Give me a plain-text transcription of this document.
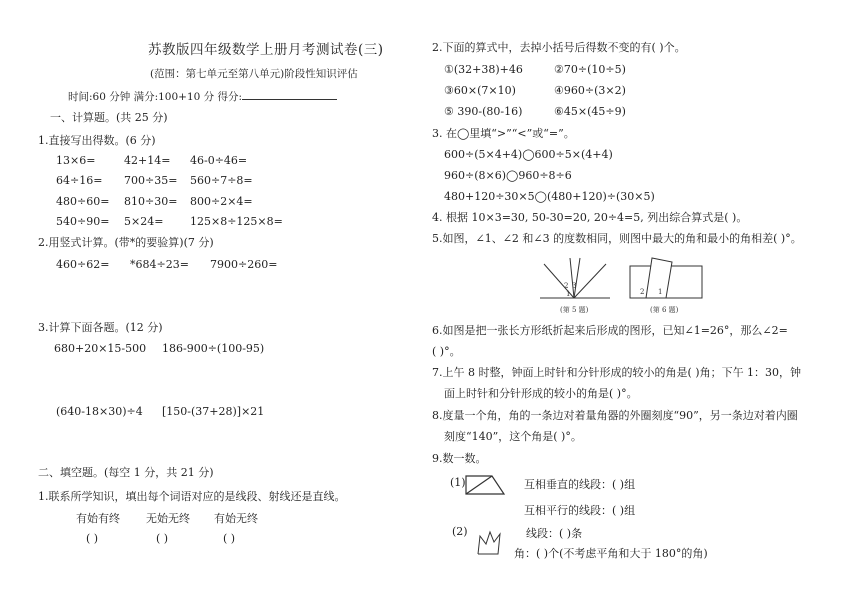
苏教版四年级数学上册月考测试卷(三)
(范围：第七单元至第八单元)阶段性知识评估
时间:60 分钟 满分:100+10 分 得分:
一、计算题。(共 25 分)
1.直接写出得数。(6 分)
13×6=	42+14= 46-0÷46=
64÷16= 700÷35= 560÷7÷8=
480÷60= 810÷30= 800÷2×4=
540÷90= 5×24= 125×8÷125×8=
2.用竖式计算。(带*的要验算)(7 分)
460÷62= *684÷23= 7900÷260=
3.计算下面各题。(12 分)
680+20×15-500 186-900÷(100-95)
(640-18×30)÷4 [150-(37+28)]×21
二、填空题。(每空 1 分，共 21 分)
1.联系所学知识，填出每个词语对应的是线段、射线还是直线。
有始有终 无始无终 有始无终
( )	( )	( )
2.下面的算式中，去掉小括号后得数不变的有( )个。
①(32+38)+46	②70÷(10÷5)
③60×(7×10)	④960÷(3×2)
⑤ 390-(80-16)	⑥45×(45÷9)
3. 在◯里填“>”“<”或“=”。
600÷(5×4+4)◯600÷5×(4+4)
960÷(8×6)◯960÷8÷6
480+120÷30×5◯(480+120)÷(30×5)
4. 根据 10×3=30, 50-30=20, 20÷4=5, 列出综合算式是( )。
5.如图，∠1、∠2 和∠3 的度数相同，则图中最大的角和最小的角相差( )°。
2 3
1
(第 5 题)
2 1
(第 6 题)
6.如图是把一张长方形纸折起来后形成的图形，已知∠1=26°，那么∠2=
( )°。
7.上午 8 时整，钟面上时针和分针形成的较小的角是( )角；下午 1：30，钟
面上时针和分针形成的较小的角是( )°。
8.度量一个角，角的一条边对着量角器的外圈刻度“90”，另一条边对着内圈
刻度“140”，这个角是( )°。
9.数一数。
(1)	互相垂直的线段：( )组
互相平行的线段：( )组
(2)	线段：( )条
角：( )个(不考虑平角和大于 180°的角)
